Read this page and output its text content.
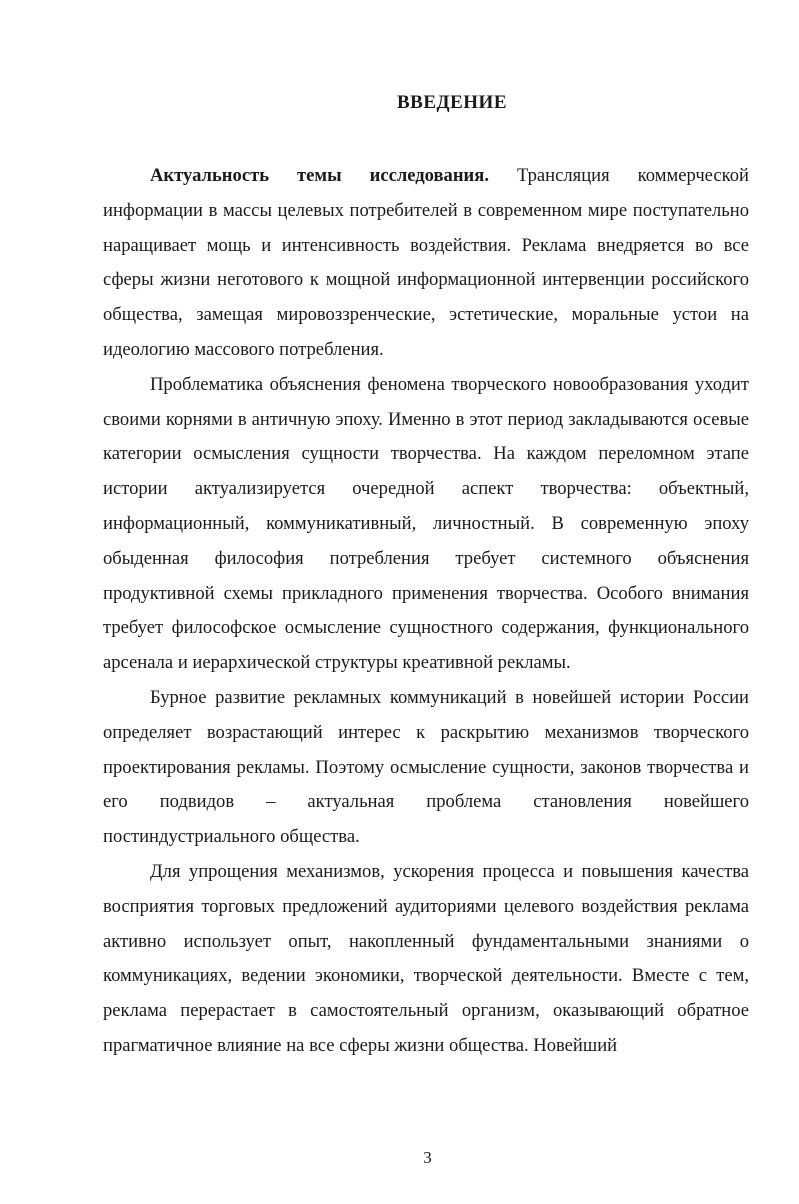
ВВЕДЕНИЕ

Актуальность темы исследования. Трансляция коммерческой информации в массы целевых потребителей в современном мире поступательно наращивает мощь и интенсивность воздействия. Реклама внедряется во все сферы жизни неготового к мощной информационной интервенции российского общества, замещая мировоззренческие, эстетические, моральные устои на идеологию массового потребления.

Проблематика объяснения феномена творческого новообразования уходит своими корнями в античную эпоху. Именно в этот период закладываются осевые категории осмысления сущности творчества. На каждом переломном этапе истории актуализируется очередной аспект творчества: объектный, информационный, коммуникативный, личностный. В современную эпоху обыденная философия потребления требует системного объяснения продуктивной схемы прикладного применения творчества. Особого внимания требует философское осмысление сущностного содержания, функционального арсенала и иерархической структуры креативной рекламы.

Бурное развитие рекламных коммуникаций в новейшей истории России определяет возрастающий интерес к раскрытию механизмов творческого проектирования рекламы. Поэтому осмысление сущности, законов творчества и его подвидов – актуальная проблема становления новейшего постиндустриального общества.

Для упрощения механизмов, ускорения процесса и повышения качества восприятия торговых предложений аудиториями целевого воздействия реклама активно использует опыт, накопленный фундаментальными знаниями о коммуникациях, ведении экономики, творческой деятельности. Вместе с тем, реклама перерастает в самостоятельный организм, оказывающий обратное прагматичное влияние на все сферы жизни общества. Новейший

3
